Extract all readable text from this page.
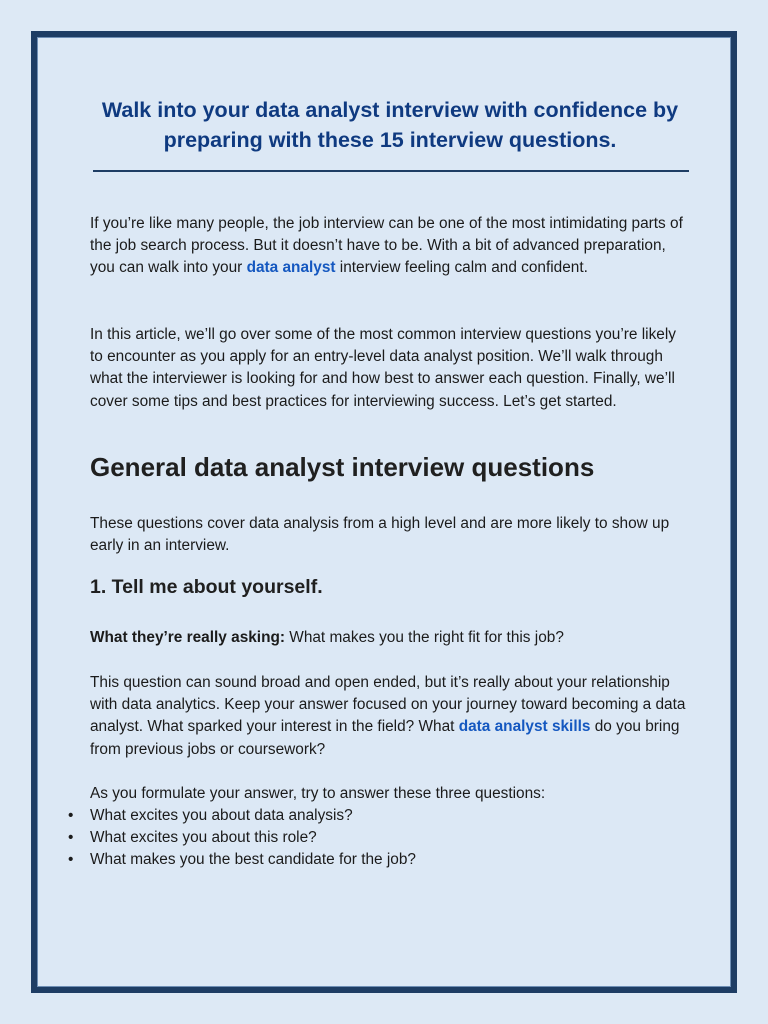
Walk into your data analyst interview with confidence by preparing with these 15 interview questions.

If you’re like many people, the job interview can be one of the most intimidating parts of the job search process. But it doesn’t have to be. With a bit of advanced preparation, you can walk into your data analyst interview feeling calm and confident.

In this article, we’ll go over some of the most common interview questions you’re likely to encounter as you apply for an entry-level data analyst position. We’ll walk through what the interviewer is looking for and how best to answer each question. Finally, we’ll cover some tips and best practices for interviewing success. Let’s get started.

General data analyst interview questions

These questions cover data analysis from a high level and are more likely to show up early in an interview.

1. Tell me about yourself.

What they’re really asking: What makes you the right fit for this job?

This question can sound broad and open ended, but it’s really about your relationship with data analytics. Keep your answer focused on your journey toward becoming a data analyst. What sparked your interest in the field? What data analyst skills do you bring from previous jobs or coursework?

As you formulate your answer, try to answer these three questions:

• What excites you about data analysis?
• What excites you about this role?
• What makes you the best candidate for the job?
